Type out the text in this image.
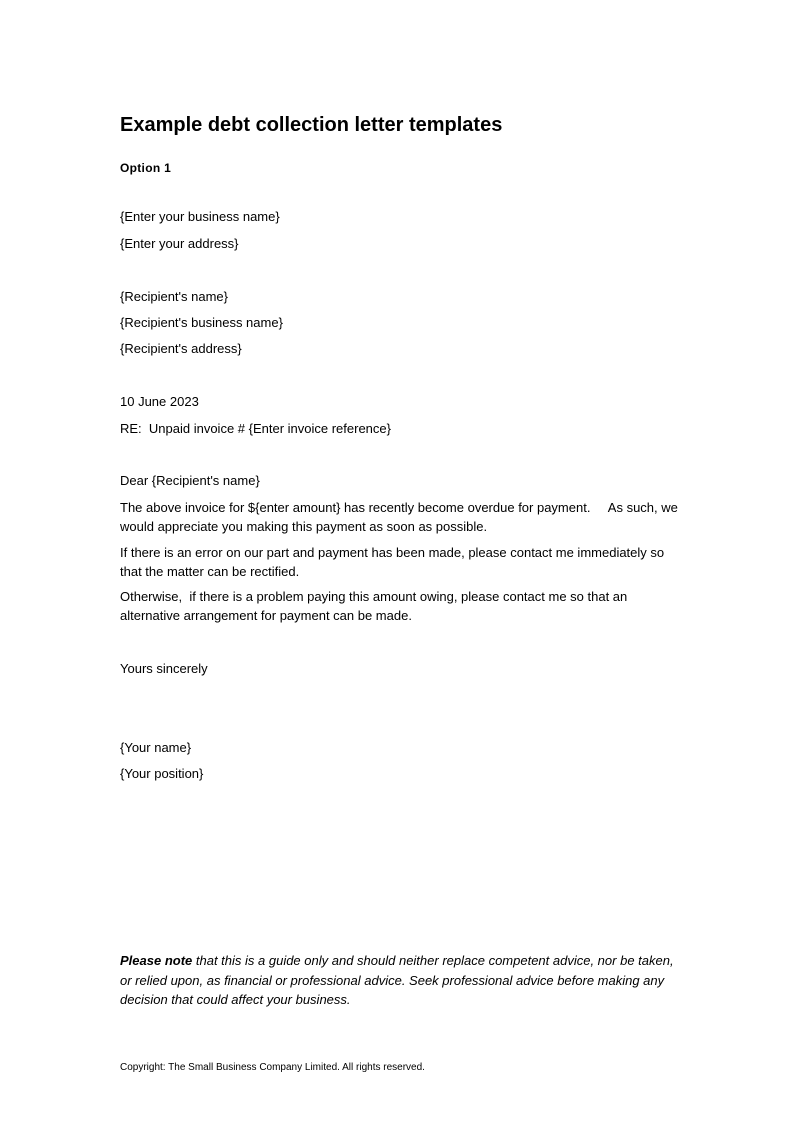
Example debt collection letter templates
Option 1
{Enter your business name}
{Enter your address}
{Recipient's name}
{Recipient's business name}
{Recipient's address}
10 June 2023
RE:  Unpaid invoice # {Enter invoice reference}
Dear {Recipient's name}
The above invoice for ${enter amount} has recently become overdue for payment.     As such, we would appreciate you making this payment as soon as possible.
If there is an error on our part and payment has been made, please contact me immediately so that the matter can be rectified.
Otherwise,  if there is a problem paying this amount owing, please contact me so that an alternative arrangement for payment can be made.
Yours sincerely
{Your name}
{Your position}
Please note that this is a guide only and should neither replace competent advice, nor be taken, or relied upon, as financial or professional advice. Seek professional advice before making any decision that could affect your business.
Copyright: The Small Business Company Limited. All rights reserved.
